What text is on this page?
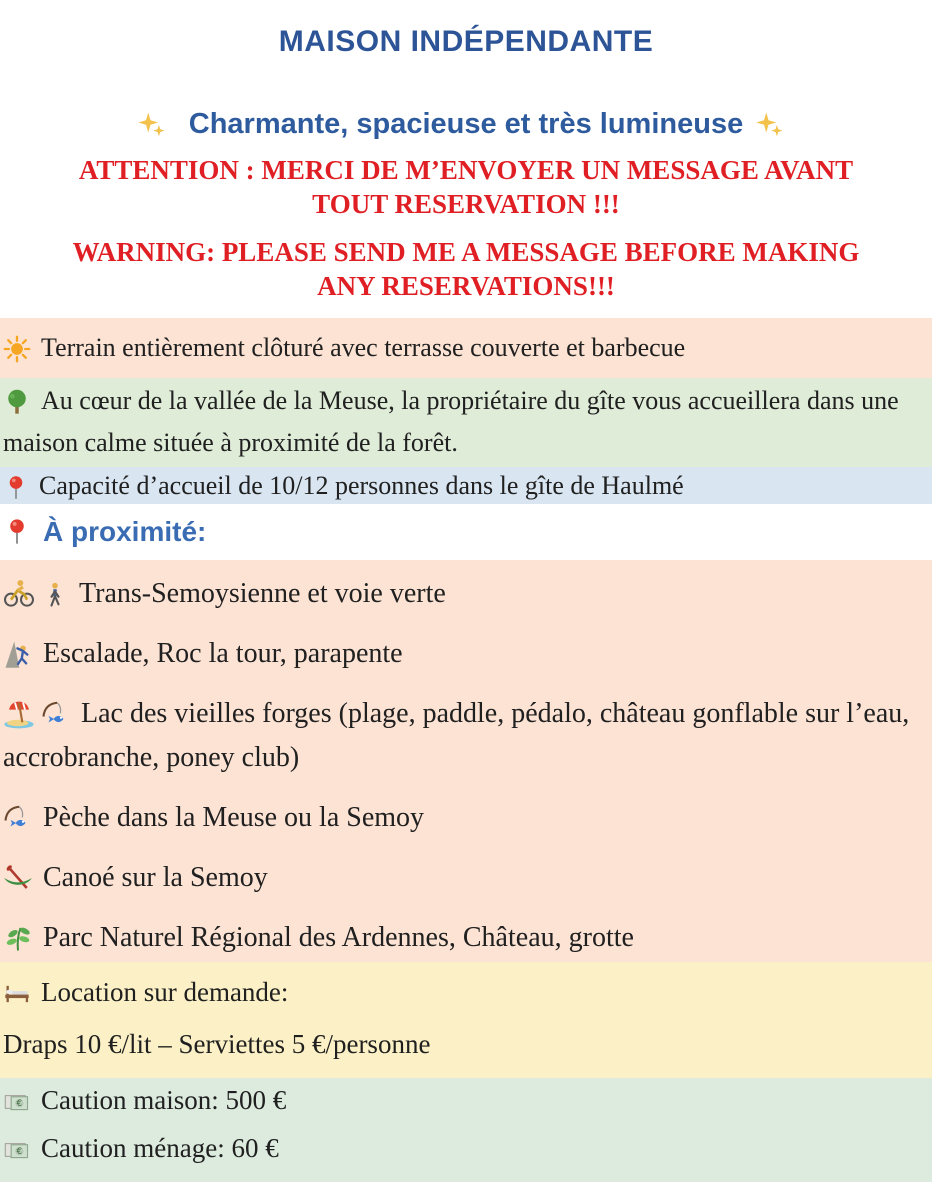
MAISON INDÉPENDANTE
Charmante, spacieuse et très lumineuse

ATTENTION : MERCI DE M’ENVOYER UN MESSAGE AVANT
TOUT RESERVATION !!!

WARNING: PLEASE SEND ME A MESSAGE BEFORE MAKING
ANY RESERVATIONS!!!

Terrain entièrement clôturé avec terrasse couverte et barbecue

Au cœur de la vallée de la Meuse, la propriétaire du gîte vous accueillera dans une maison calme située à proximité de la forêt.

Capacité d’accueil de 10/12 personnes dans le gîte de Haulmé

À proximité:

Trans-Semoysienne et voie verte

Escalade, Roc la tour, parapente

Lac des vieilles forges (plage, paddle, pédalo, château gonflable sur l’eau, accrobranche, poney club)

Pèche dans la Meuse ou la Semoy

Canoé sur la Semoy

Parc Naturel Régional des Ardennes, Château, grotte

Location sur demande:

Draps 10 €/lit – Serviettes 5 €/personne

€ Caution maison: 500 €

€ Caution ménage: 60 €
